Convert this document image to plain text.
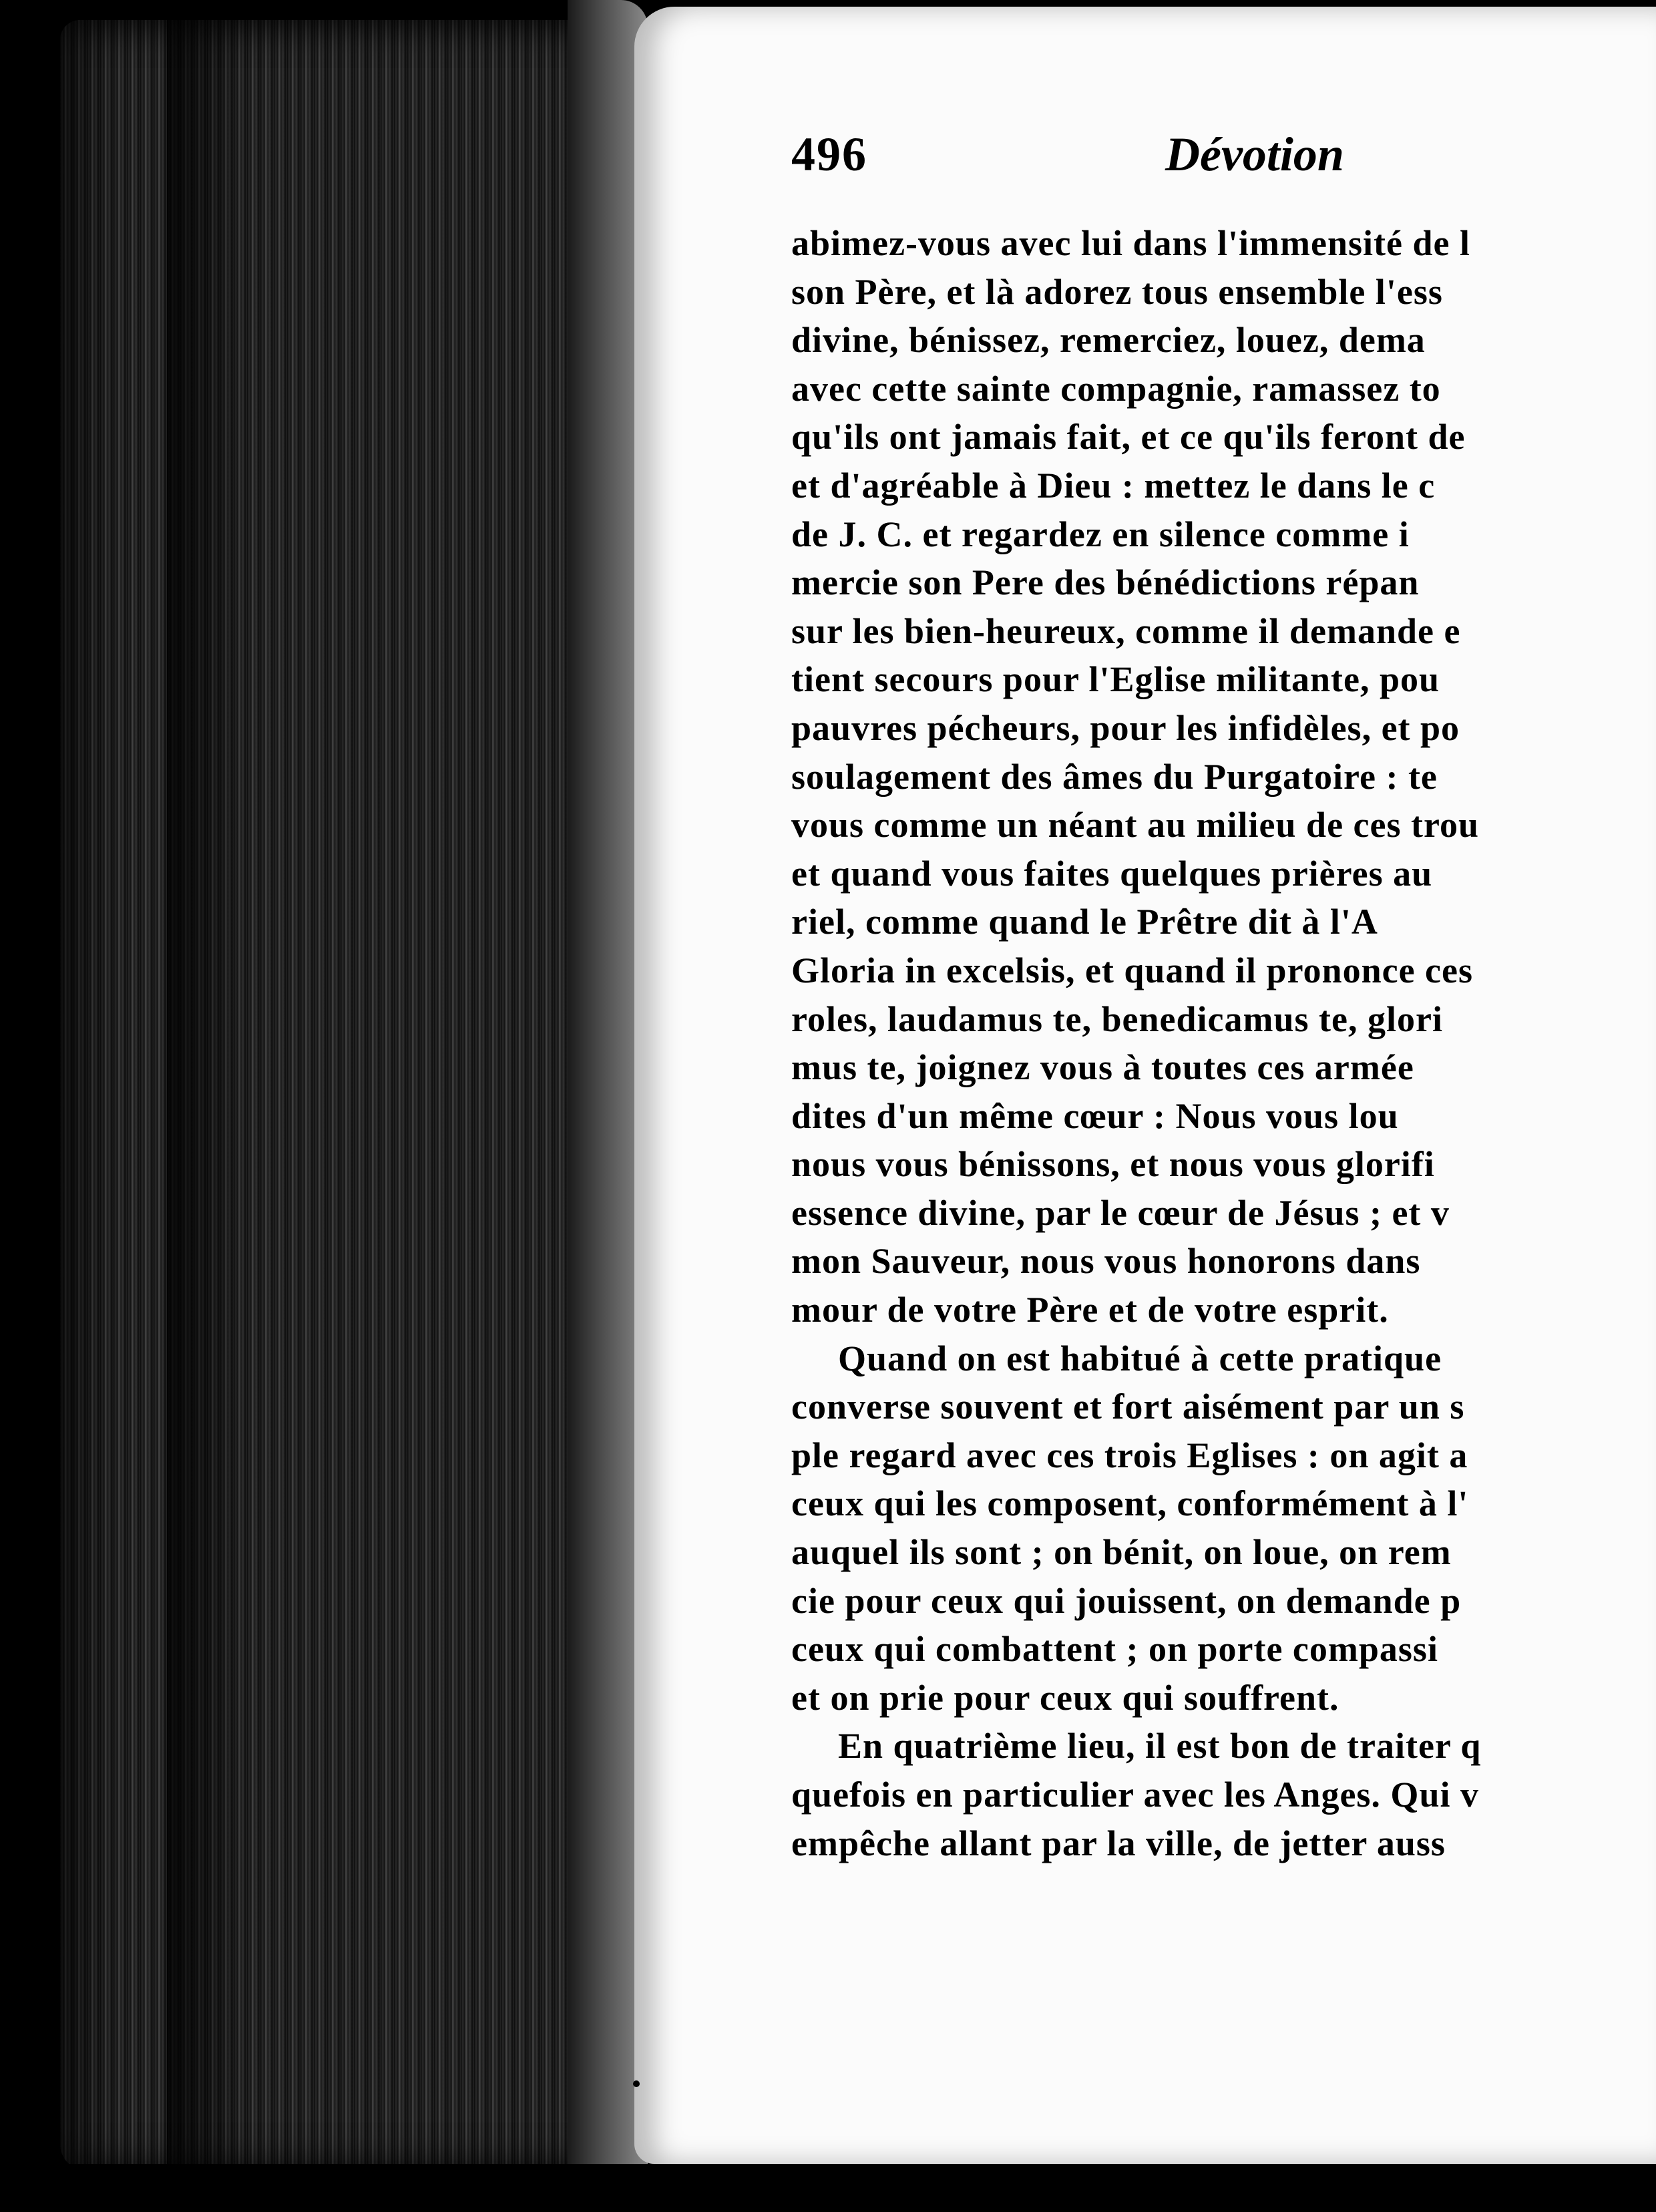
496	Dévotion
abimez-vous avec lui dans l'immensité de l
son Père, et là adorez tous ensemble l'ess
divine, bénissez, remerciez, louez, dema
avec cette sainte compagnie, ramassez to
qu'ils ont jamais fait, et ce qu'ils feront de
et d'agréable à Dieu : mettez le dans le c
de J. C. et regardez en silence comme i
mercie son Pere des bénédictions répan
sur les bien-heureux, comme il demande e
tient secours pour l'Eglise militante, pou
pauvres pécheurs, pour les infidèles, et po
soulagement des âmes du Purgatoire : te
vous comme un néant au milieu de ces trou
et quand vous faites quelques prières au
riel, comme quand le Prêtre dit à l'A
Gloria in excelsis, et quand il prononce ces
roles, laudamus te, benedicamus te, glori
mus te, joignez vous à toutes ces armée
dites d'un même cœur : Nous vous lou
nous vous bénissons, et nous vous glorifi
essence divine, par le cœur de Jésus ; et v
mon Sauveur, nous vous honorons dans
mour de votre Père et de votre esprit.
Quand on est habitué à cette pratique
converse souvent et fort aisément par un s
ple regard avec ces trois Eglises : on agit a
ceux qui les composent, conformément à l'
auquel ils sont ; on bénit, on loue, on rem
cie pour ceux qui jouissent, on demande p
ceux qui combattent ; on porte compassi
et on prie pour ceux qui souffrent.
En quatrième lieu, il est bon de traiter q
quefois en particulier avec les Anges. Qui v
empêche allant par la ville, de jetter auss
